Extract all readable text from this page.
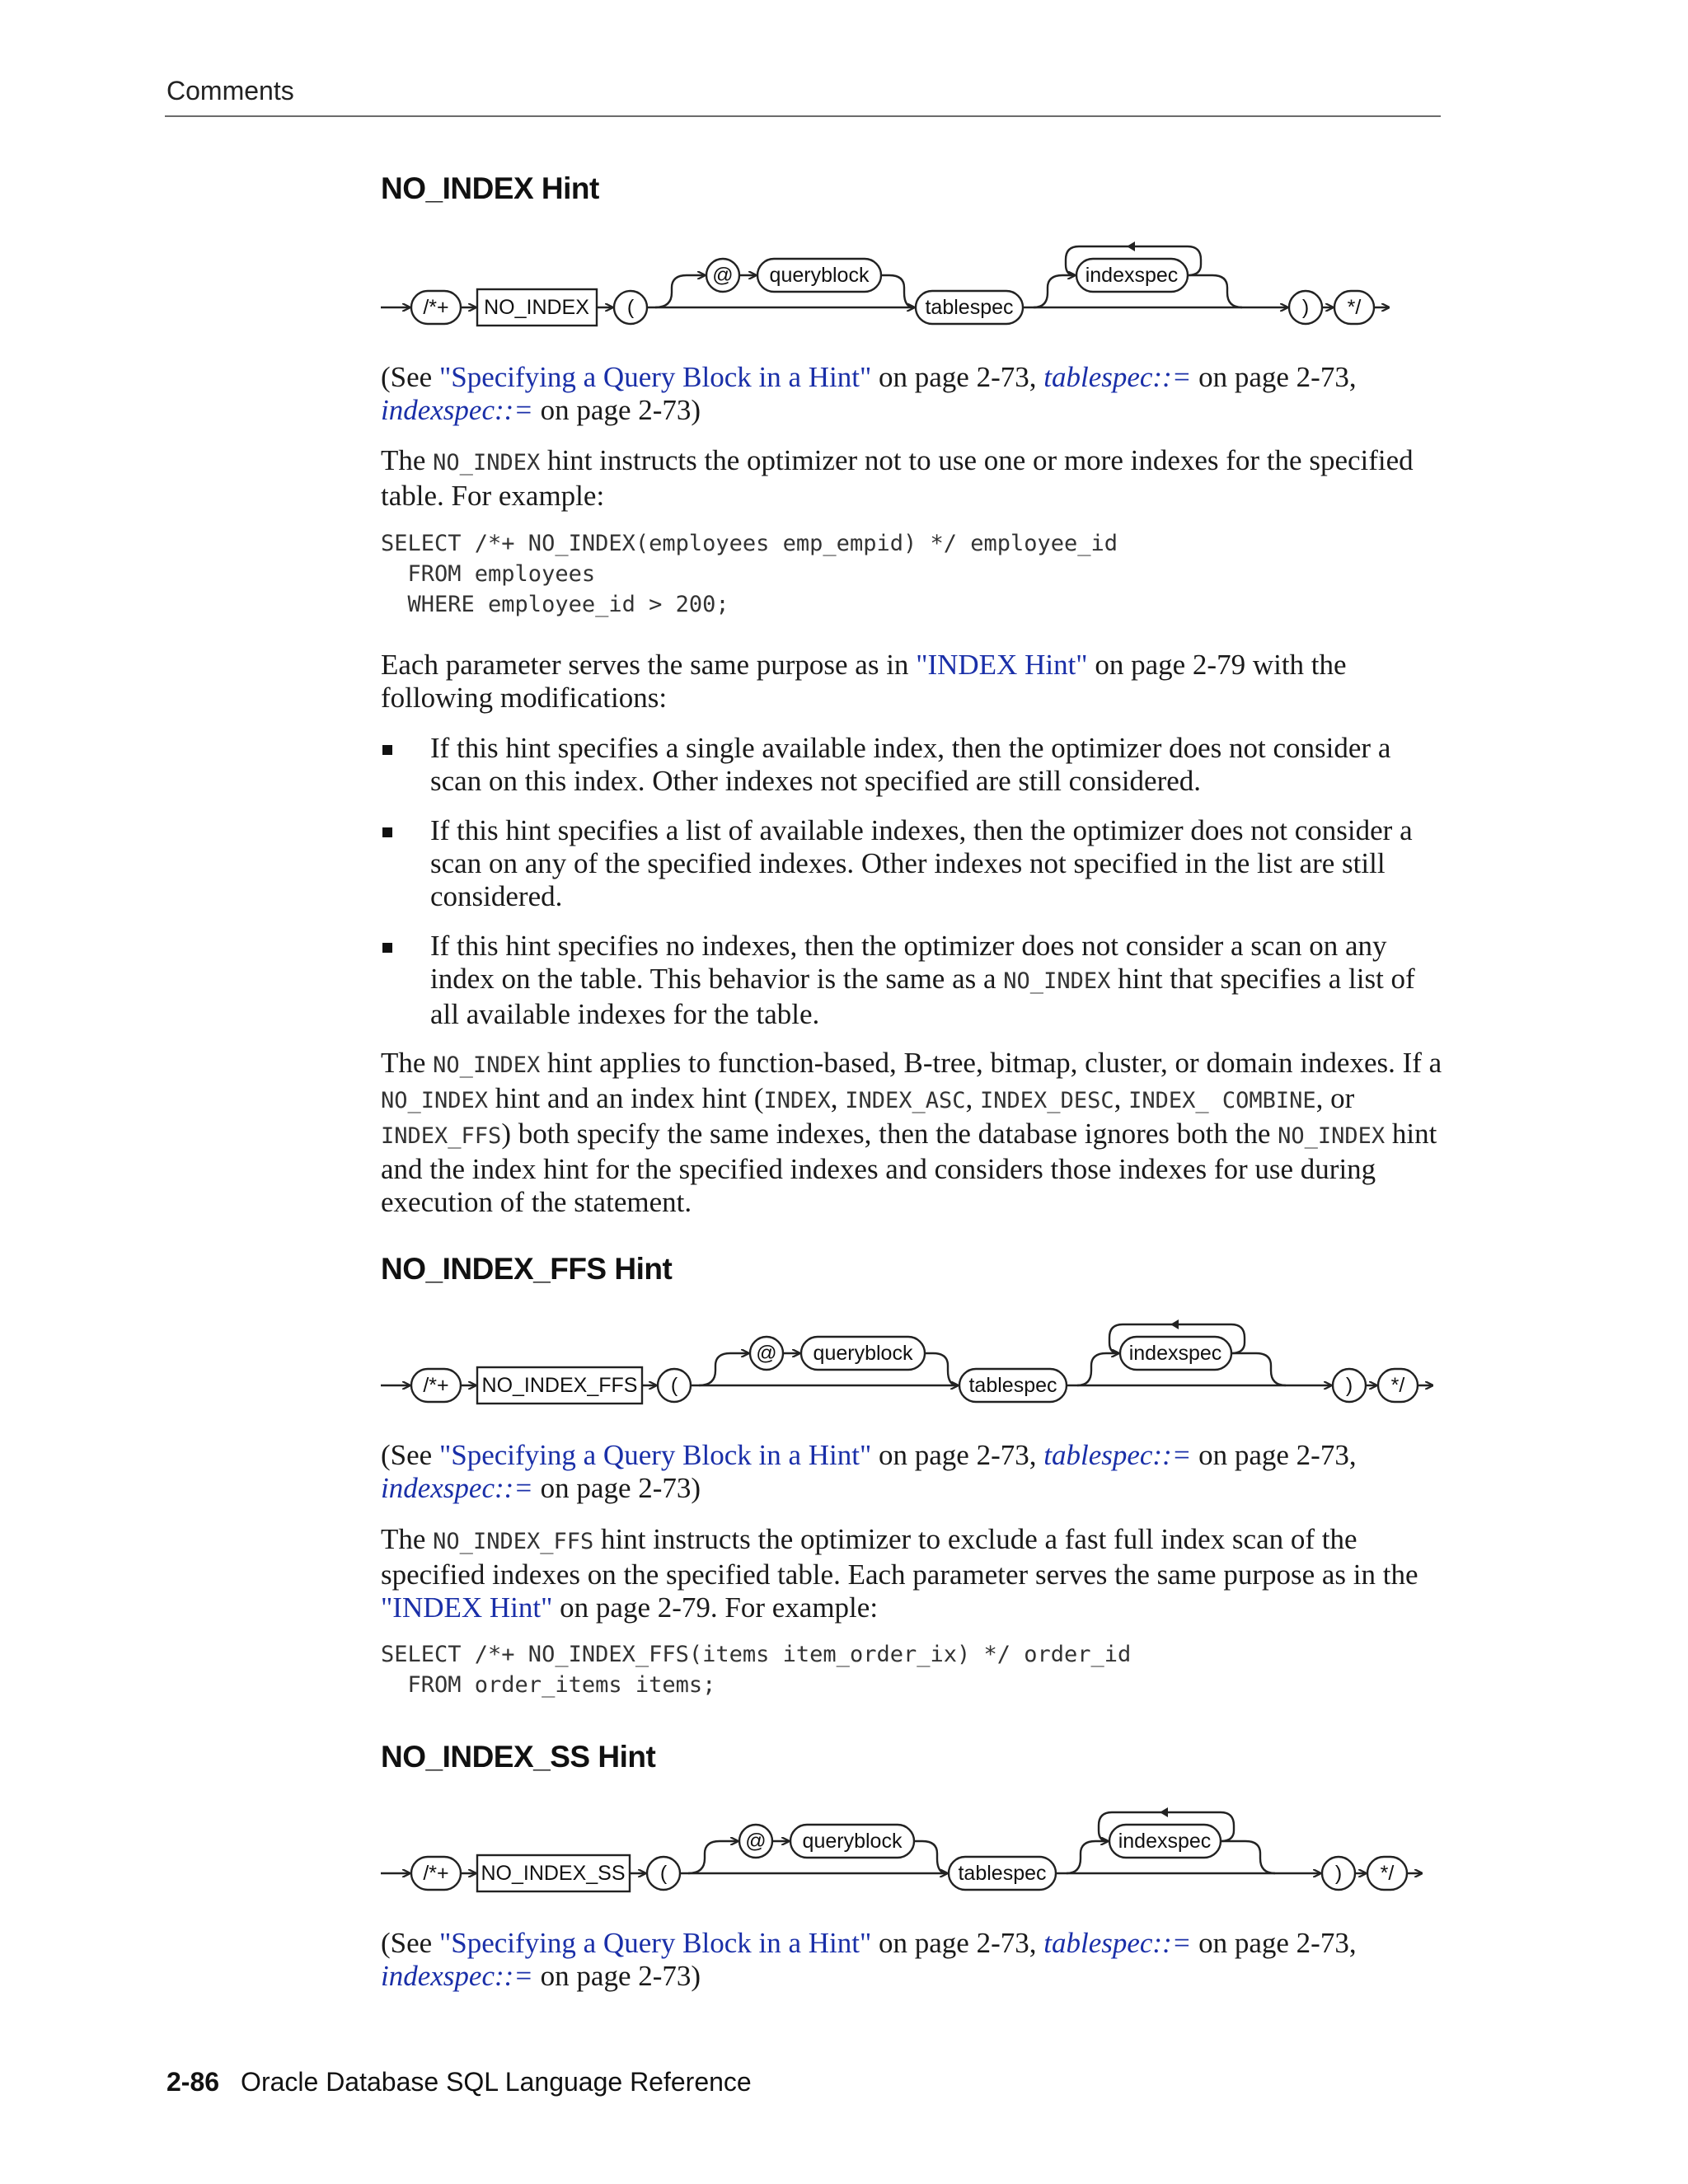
Comments
NO_INDEX Hint
/*+ NO_INDEX (
@ queryblock
tablespec
indexspec
) */

(See "Specifying a Query Block in a Hint" on page 2-73, tablespec::= on page 2-73,
indexspec::= on page 2-73)

The NO_INDEX hint instructs the optimizer not to use one or more indexes for the specified table. For example:

SELECT /*+ NO_INDEX(employees emp_empid) */ employee_id
FROM employees
WHERE employee_id > 200;

Each parameter serves the same purpose as in "INDEX Hint" on page 2-79 with the following modifications:

If this hint specifies a single available index, then the optimizer does not consider a scan on this index. Other indexes not specified are still considered.

If this hint specifies a list of available indexes, then the optimizer does not consider a scan on any of the specified indexes. Other indexes not specified in the list are still considered.

If this hint specifies no indexes, then the optimizer does not consider a scan on any index on the table. This behavior is the same as a NO_INDEX hint that specifies a list of all available indexes for the table.

The NO_INDEX hint applies to function-based, B-tree, bitmap, cluster, or domain indexes. If a NO_INDEX hint and an index hint (INDEX, INDEX_ASC, INDEX_DESC, INDEX_ COMBINE, or INDEX_FFS) both specify the same indexes, then the database ignores both the NO_INDEX hint and the index hint for the specified indexes and considers those indexes for use during execution of the statement.

NO_INDEX_FFS Hint
/*+ NO_INDEX_FFS (
@ queryblock
tablespec
indexspec
) */

(See "Specifying a Query Block in a Hint" on page 2-73, tablespec::= on page 2-73,
indexspec::= on page 2-73)

The NO_INDEX_FFS hint instructs the optimizer to exclude a fast full index scan of the specified indexes on the specified table. Each parameter serves the same purpose as in the "INDEX Hint" on page 2-79. For example:

SELECT /*+ NO_INDEX_FFS(items item_order_ix) */ order_id
FROM order_items items;
NO_INDEX_SS Hint
/*+ NO_INDEX_SS (
@ queryblock
tablespec
indexspec
) */

(See "Specifying a Query Block in a Hint" on page 2-73, tablespec::= on page 2-73,
indexspec::= on page 2-73)

2-86 Oracle Database SQL Language Reference
